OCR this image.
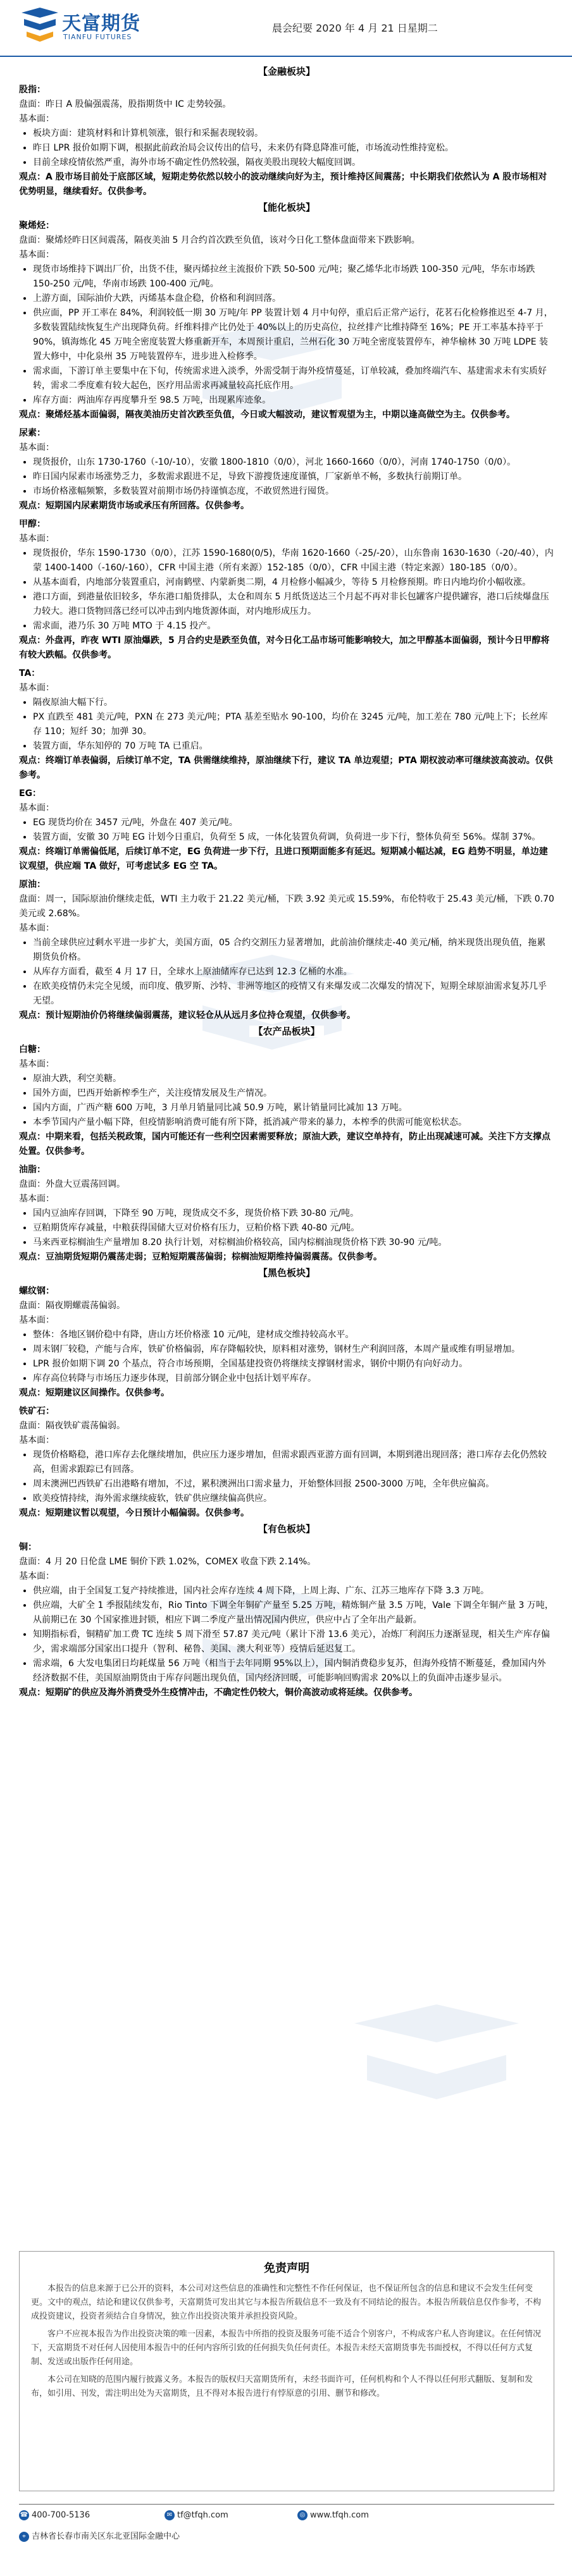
天富期货
TIANFU FUTURES
晨会纪要 2020 年 4 月 21 日星期二
【金融板块】
股指：
盘面：昨日 A 股偏强震荡，股指期货中 IC 走势较强。
基本面：
• 板块方面：建筑材料和计算机领涨，银行和采掘表现较弱。
• 昨日 LPR 报价如期下调，根据此前政治局会议传出的信号，未来仍有降息降准可能，市场流动性维持宽松。
• 目前全球疫情依然严重，海外市场不确定性仍然较强，隔夜美股出现较大幅度回调。
观点：A 股市场目前处于底部区域，短期走势依然以较小的波动继续向好为主，预计维持区间震荡；中长期我们依然认为 A 股市场相对优势明显，继续看好。仅供参考。
【能化板块】
聚烯烃：
盘面：聚烯烃昨日区间震荡，隔夜美油 5 月合约首次跌至负值，该对今日化工整体盘面带来下跌影响。
基本面：
• 现货市场维持下调出厂价，出货不佳，聚丙烯拉丝主流报价下跌 50-500 元/吨；聚乙烯华北市场跌 100-350 元/吨，华东市场跌 150-250 元/吨，华南市场跌 100-400 元/吨。
• 上游方面，国际油价大跌，丙烯基本盘企稳，价格和利润回落。
• 供应面，PP 开工率在 84%，利润较低一期 30 万吨/年 PP 装置计划 4 月中旬停，重启后正常产运行，花茗石化检修推迟至 4-7 月，多数装置陆续恢复生产出现降负荷。纤维料排产比仍处于 40%以上的历史高位，拉丝排产比维持降至 16%；PE 开工率基本持平于 90%，镇海炼化 45 万吨全密度装置大修重新开车，本周预计重启，兰州石化 30 万吨全密度装置停车，神华榆林 30 万吨 LDPE 装置大修中，中化泉州 35 万吨装置停车，进步进入检修季。
• 需求面，下游订单主要集中在下旬，传统需求进入淡季，外需受制于海外疫情蔓延，订单较减，叠加终端汽车、基建需求未有实质好转，需求二季度难有较大起色，医疗用品需求再减量较高托底作用。
• 库存方面：两油库存再度攀升至 98.5 万吨，出现累库迹象。
观点：聚烯烃基本面偏弱，隔夜美油历史首次跌至负值，今日或大幅波动，建议暂观望为主，中期以逢高做空为主。仅供参考。
尿素：
基本面：
• 现货报价，山东 1730-1760（-10/-10），安徽 1800-1810（0/0），河北 1660-1660（0/0），河南 1740-1750（0/0）。
• 昨日国内尿素市场涨势乏力，多数需求跟进不足，导致下游搜货速度谨慎，厂家新单不畅，多数执行前期订单。
• 市场价格涨幅频繁，多数装置对前期市场仍持谨慎态度，不敢贸然进行囤货。
观点：短期国内尿素期货市场或承压有所回落。仅供参考。
甲醇：
基本面：
• 现货报价，华东 1590-1730（0/0），江苏 1590-1680(0/5)，华南 1620-1660（-25/-20），山东鲁南 1630-1630（-20/-40），内蒙 1400-1400（-160/-160），CFR 中国主港（所有来源）152-185（0/0），CFR 中国主港（特定来源）180-185（0/0）。
• 从基本面看，内地部分装置重启，河南鹤壁、内蒙新奥二期，4 月检修小幅减少，等待 5 月检修预期。昨日内地均价小幅收涨。
• 港口方面，到港量依旧较多，华东港口船货排队，太仓和周东 5 月纸货送达三个月起不再对非长包罐客户提供罐容，港口后续爆盘压力较大。港口货物回落已经可以冲击到内地货源体面，对内地形成压力。
• 需求面，港乃乐 30 万吨 MTO 于 4.15 投产。
观点：外盘再，昨夜 WTI 原油爆跌，5 月合约史是跌至负值，对今日化工品市场可能影响较大，加之甲醇基本面偏弱，预计今日甲醇将有较大跌幅。仅供参考。
TA：
基本面：
• 隔夜原油大幅下行。
• PX 直跌至 481 美元/吨，PXN 在 273 美元/吨；PTA 基差至贴水 90-100，均价在 3245 元/吨，加工差在 780 元/吨上下；长丝库存 110；短纤 30；加弹 30。
• 装置方面，华东知停的 70 万吨 TA 已重启。
观点：终端订单表偏弱，后续订单不定，TA 供需继续维持，原油继续下行，建议 TA 单边观望；PTA 期权波动率可继续波高波动。仅供参考。
EG：
基本面：
• EG 现货均价在 3457 元/吨，外盘在 407 美元/吨。
• 装置方面，安徽 30 万吨 EG 计划今日重启，负荷至 5 成，一体化装置负荷调，负荷进一步下行，整体负荷至 56%。煤制 37%。
观点：终端订单需偏低尾，后续订单不定，EG 负荷进一步下行，且进口预期面能多有延迟。短期减小幅达减，EG 趋势不明显，单边建议观望，供应端 TA 做好，可考虑试多 EG 空 TA。
原油：
盘面：周一，国际原油价继续走低，WTI 主力收于 21.22 美元/桶，下跌 3.92 美元或 15.59%，布伦特收于 25.43 美元/桶，下跌 0.70 美元或 2.68%。
基本面：
• 当前全球供应过剩水平进一步扩大，美国方面，05 合约交割压力显著增加，此前油价继续走-40 美元/桶，纳米现货出现负值，拖累期货负价格。
• 从库存方面看，截至 4 月 17 日，全球水上原油储库存已达到 12.3 亿桶的水准。
• 在欧美疫情仍未完全见缓，而印度、俄罗斯、沙特、非洲等地区的疫情又有来爆发或二次爆发的情况下，短期全球原油需求复苏几乎无望。
观点：预计短期油价仍将继续偏弱震荡，建议轻仓从从远月多位持仓观望，仅供参考。
【农产品板块】
白糖：
基本面：
• 原油大跌，利空美糖。
• 国外方面，巴西开始新榨季生产，关注疫情发展及生产情况。
• 国内方面，广西产糖 600 万吨，3 月单月销量同比减 50.9 万吨，累计销量同比减加 13 万吨。
• 本季节国内产量小幅下降，但疫情影响消费可能有所下降，抵消减产带来的暴力，本榨季的供需可能宽松状态。
观点：中期来看，包括关税政策，国内可能还有一些利空因素需要释放；原油大跌，建议空单持有，防止出现减速可减。关注下方支撑点处置。仅供参考。
油脂：
盘面：外盘大豆震荡回调。
基本面：
• 国内豆油库存回调，下降至 90 万吨，现货成交不多，现货价格下跌 30-80 元/吨。
• 豆粕期货库存减量，中粮获得国储大豆对价格有压力，豆粕价格下跌 40-80 元/吨。
• 马来西亚棕榈油生产量增加 8.20 执行计划，对棕榈油价格较高，国内棕榈油现货价格下跌 30-90 元/吨。
观点：豆油期货短期仍震荡走弱；豆粕短期震荡偏弱；棕榈油短期维持偏弱震荡。仅供参考。
【黑色板块】
螺纹钢：
盘面：隔夜期螺震荡偏弱。
基本面：
• 整体：各地区钢价稳中有降，唐山方坯价格涨 10 元/吨，建材成交维持较高水平。
• 周末钢厂较稳，产能与合库，铁矿价格偏弱，库存降幅较快，原料相对涨势，钢材生产利润回落，本周产量或维有明显增加。
• LPR 报价如期下调 20 个基点，符合市场预期，全国基建投资仍将继续支撑钢材需求，钢价中期仍有向好动力。
• 库存高位转降与市场压力逐步体现，目前部分钢企业中包括计划平库存。
观点：短期建议区间操作。仅供参考。
铁矿石：
盘面：隔夜铁矿震荡偏弱。
基本面：
• 现货价格略稳，港口库存去化继续增加，供应压力逐步增加，但需求跟西亚游方面有回调，本期到港出现回落；港口库存去化仍然较高，但需求跟踪已有回落。
• 周末澳洲巴西铁矿石出港略有增加，不过，累积澳洲出口需求量力，开始整体回报 2500-3000 万吨，全年供应偏高。
• 欧美疫情持续，海外需求继续疲软，铁矿供应继续偏高供应。
观点：短期建议暂以观望，今日预计小幅偏弱。仅供参考。
【有色板块】
铜：
盘面：4 月 20 日伦盘 LME 铜价下跌 1.02%，COMEX 收盘下跌 2.14%。
基本面：
• 供应端，由于全国复工复产持续推进，国内社会库存连续 4 周下降，上周上海、广东、江苏三地库存下降 3.3 万吨。
• 供应端，大矿全 1 季报陆续发布，Rio Tinto 下调全年铜矿产量至 5.25 万吨，精炼铜产量 3.5 万吨，Vale 下调全年铜产量 3 万吨，从前期已在 30 个国家推进封锁，相应下调二季度产量出情况国内供应，供应中占了全年出产最新。
• 知期指标看，铜精矿加工费 TC 连续 5 周下滑至 57.87 美元/吨（累计下滑 13.6 美元），冶炼厂利润压力逐渐显现，相关生产库存偏少，需求端部分国家出口提升（智利、秘鲁、美国、澳大利亚等）疫情后延迟复工。
• 需求端，6 大发电集团日均耗煤量 56 万吨（相当于去年同期 95%以上），国内铜消费稳步复苏，但海外疫情不断蔓延，叠加国内外经济数据不佳，美国原油期货由于库存问题出现负值，国内经济回暖，可能影响回购需求 20%以上的负面冲击逐步显示。
观点：短期矿的供应及海外消费受外生疫情冲击，不确定性仍较大，铜价高波动或将延续。仅供参考。
免责声明

本报告的信息来源于已公开的资料，本公司对这些信息的准确性和完整性不作任何保证，也不保证所包含的信息和建议不会发生任何变更。文中的观点，结论和建议仅供参考，天富期货可发出其它与本报告所载信息不一致及有不同结论的报告。本报告所载信息仅作参考，不构成投资建议，投资者须结合自身情况，独立作出投资决策并承担投资风险。

客户不应视本报告为作出投资决策的唯一因素，本报告中所指的投资及服务可能不适合个别客户，不构成客户私人咨询建议。在任何情况下，天富期货不对任何人因使用本报告中的任何内容所引致的任何损失负任何责任。本报告未经天富期货事先书面授权，不得以任何方式复制、发送或出版作任何用途。

本公司在知晓的范围内履行披露义务。本报告的版权归天富期货所有，未经书面许可，任何机构和个人不得以任何形式翻版、复制和发布，如引用、刊发，需注明出处为天富期货，且不得对本报告进行有悖原意的引用、删节和修改。

☎ 400-700-5136	✉ tf@tfqh.com	◎ www.tfqh.com
⌖ 吉林省长春市南关区东北亚国际金融中心
